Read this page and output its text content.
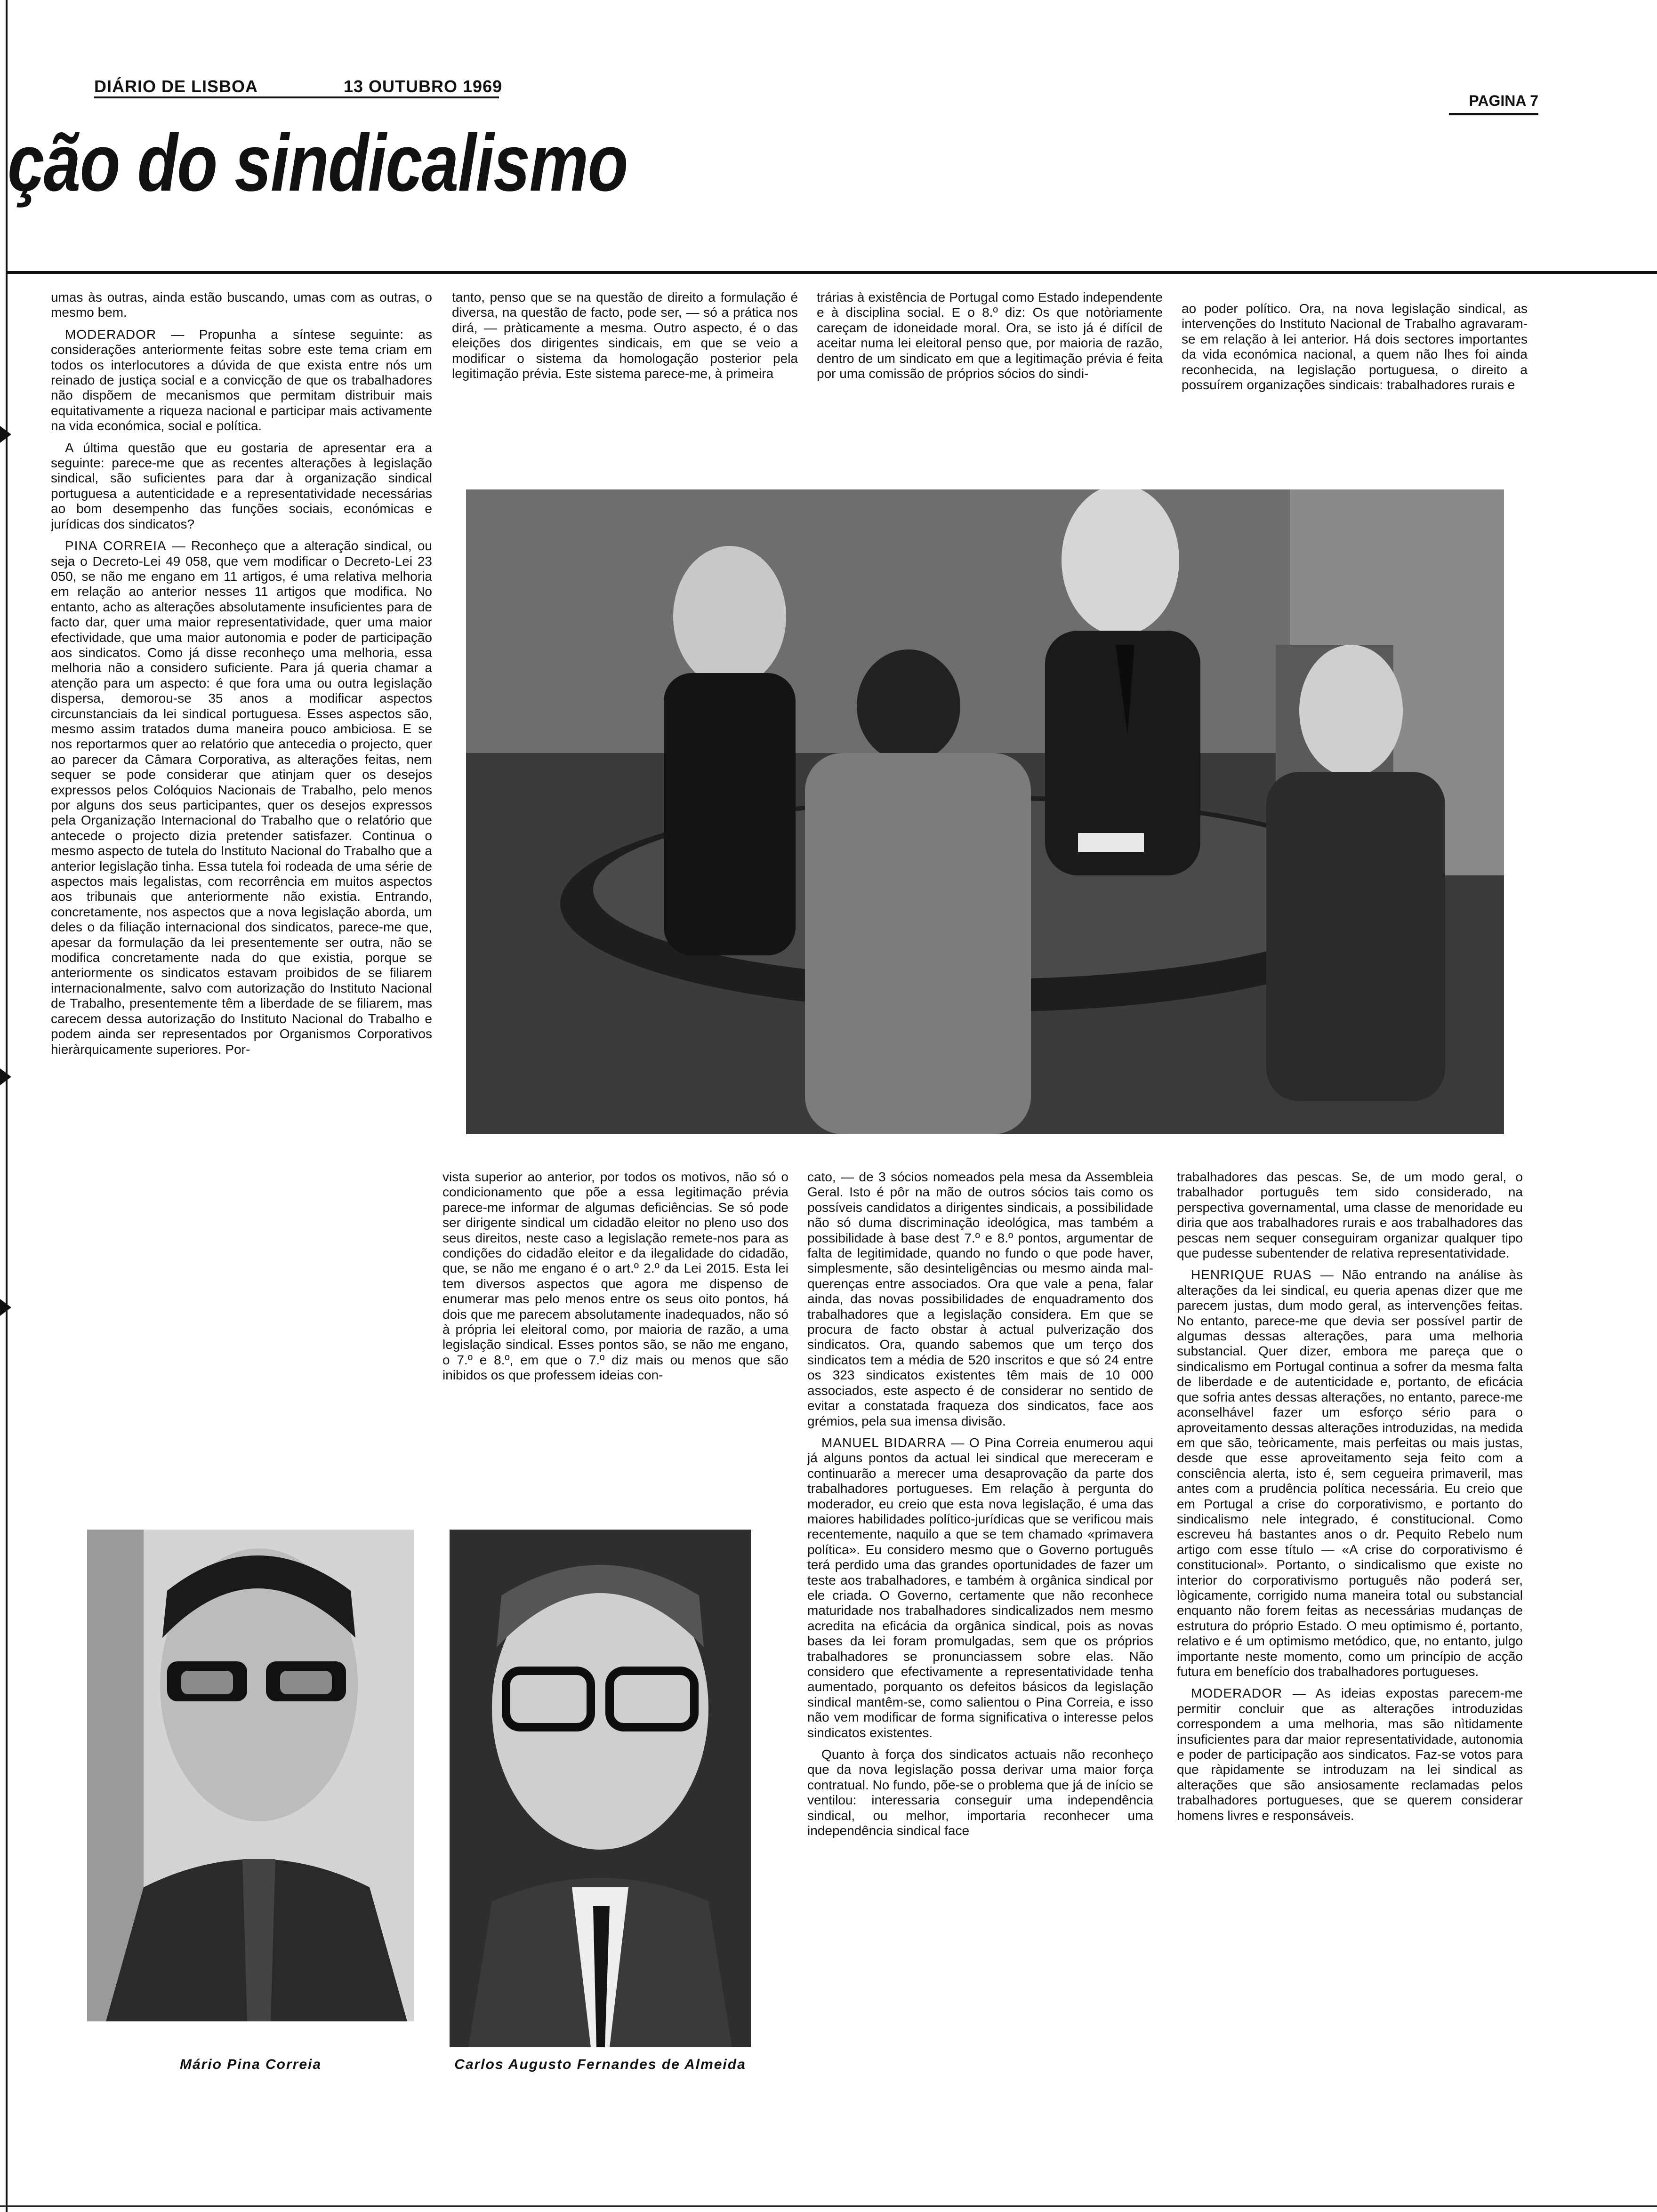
DIÁRIO DE LISBOA	13 OUTUBRO 1969
PAGINA 7
ção do sindicalismo

umas às outras, ainda estão buscando, umas com as outras, o mesmo bem.

MODERADOR — Propunha a síntese seguinte: as considerações anteriormente feitas sobre este tema criam em todos os interlocutores a dúvida de que exista entre nós um reinado de justiça social e a convicção de que os trabalhadores não dispõem de mecanismos que permitam distribuir mais equitativamente a riqueza nacional e participar mais activamente na vida económica, social e política.

A última questão que eu gostaria de apresentar era a seguinte: parece-me que as recentes alterações à legislação sindical, são suficientes para dar à organização sindical portuguesa a autenticidade e a representatividade necessárias ao bom desempenho das funções sociais, económicas e jurídicas dos sindicatos?

PINA CORREIA — Reconheço que a alteração sindical, ou seja o Decreto-Lei 49 058, que vem modificar o Decreto-Lei 23 050, se não me engano em 11 artigos, é uma relativa melhoria em relação ao anterior nesses 11 artigos que modifica. No entanto, acho as alterações absolutamente insuficientes para de facto dar, quer uma maior representatividade, quer uma maior efectividade, que uma maior autonomia e poder de participação aos sindicatos. Como já disse reconheço uma melhoria, essa melhoria não a considero suficiente. Para já queria chamar a atenção para um aspecto: é que fora uma ou outra legislação dispersa, demorou-se 35 anos a modificar aspectos circunstanciais da lei sindical portuguesa. Esses aspectos são, mesmo assim tratados duma maneira pouco ambiciosa. E se nos reportarmos quer ao relatório que antecedia o projecto, quer ao parecer da Câmara Corporativa, as alterações feitas, nem sequer se pode considerar que atinjam quer os desejos expressos pelos Colóquios Nacionais de Trabalho, pelo menos por alguns dos seus participantes, quer os desejos expressos pela Organização Internacional do Trabalho que o relatório que antecede o projecto dizia pretender satisfazer. Continua o mesmo aspecto de tutela do Instituto Nacional do Trabalho que a anterior legislação tinha. Essa tutela foi rodeada de uma série de aspectos mais legalistas, com recorrência em muitos aspectos aos tribunais que anteriormente não existia. Entrando, concretamente, nos aspectos que a nova legislação aborda, um deles o da filiação internacional dos sindicatos, parece-me que, apesar da formulação da lei presentemente ser outra, não se modifica concretamente nada do que existia, porque se anteriormente os sindicatos estavam proibidos de se filiarem internacionalmente, salvo com autorização do Instituto Nacional de Trabalho, presentemente têm a liberdade de se filiarem, mas carecem dessa autorização do Instituto Nacional do Trabalho e podem ainda ser representados por Organismos Corporativos hieràrquicamente superiores. Por-

tanto, penso que se na questão de direito a formulação é diversa, na questão de facto, pode ser, — só a prática nos dirá, — pràticamente a mesma. Outro aspecto, é o das eleições dos dirigentes sindicais, em que se veio a modificar o sistema da homologação posterior pela legitimação prévia. Este sistema parece-me, à primeira

trárias à existência de Portugal como Estado independente e à disciplina social. E o 8.º diz: Os que notòriamente careçam de idoneidade moral. Ora, se isto já é difícil de aceitar numa lei eleitoral penso que, por maioria de razão, dentro de um sindicato em que a legitimação prévia é feita por uma comissão de próprios sócios do sindi-

ao poder político. Ora, na nova legislação sindical, as intervenções do Instituto Nacional de Trabalho agravaram-se em relação à lei anterior. Há dois sectores importantes da vida económica nacional, a quem não lhes foi ainda reconhecida, na legislação portuguesa, o direito a possuírem organizações sindicais: trabalhadores rurais e

vista superior ao anterior, por todos os motivos, não só o condicionamento que põe a essa legitimação prévia parece-me informar de algumas deficiências. Se só pode ser dirigente sindical um cidadão eleitor no pleno uso dos seus direitos, neste caso a legislação remete-nos para as condições do cidadão eleitor e da ilegalidade do cidadão, que, se não me engano é o art.º 2.º da Lei 2015. Esta lei tem diversos aspectos que agora me dispenso de enumerar mas pelo menos entre os seus oito pontos, há dois que me parecem absolutamente inadequados, não só à própria lei eleitoral como, por maioria de razão, a uma legislação sindical. Esses pontos são, se não me engano, o 7.º e 8.º, em que o 7.º diz mais ou menos que são inibidos os que professem ideias con-

cato, — de 3 sócios nomeados pela mesa da Assembleia Geral. Isto é pôr na mão de outros sócios tais como os possíveis candidatos a dirigentes sindicais, a possibilidade não só duma discriminação ideológica, mas também a possibilidade à base dest 7.º e 8.º pontos, argumentar de falta de legitimidade, quando no fundo o que pode haver, simplesmente, são desinteligências ou mesmo ainda mal-querenças entre associados. Ora que vale a pena, falar ainda, das novas possibilidades de enquadramento dos trabalhadores que a legislação considera. Em que se procura de facto obstar à actual pulverização dos sindicatos. Ora, quando sabemos que um terço dos sindicatos tem a média de 520 inscritos e que só 24 entre os 323 sindicatos existentes têm mais de 10 000 associados, este aspecto é de considerar no sentido de evitar a constatada fraqueza dos sindicatos, face aos grémios, pela sua imensa divisão.

MANUEL BIDARRA — O Pina Correia enumerou aqui já alguns pontos da actual lei sindical que mereceram e continuarão a merecer uma desaprovação da parte dos trabalhadores portugueses. Em relação à pergunta do moderador, eu creio que esta nova legislação, é uma das maiores habilidades político-jurídicas que se verificou mais recentemente, naquilo a que se tem chamado «primavera política». Eu considero mesmo que o Governo português terá perdido uma das grandes oportunidades de fazer um teste aos trabalhadores, e também à orgânica sindical por ele criada. O Governo, certamente que não reconhece maturidade nos trabalhadores sindicalizados nem mesmo acredita na eficácia da orgânica sindical, pois as novas bases da lei foram promulgadas, sem que os próprios trabalhadores se pronunciassem sobre elas. Não considero que efectivamente a representatividade tenha aumentado, porquanto os defeitos básicos da legislação sindical mantêm-se, como salientou o Pina Correia, e isso não vem modificar de forma significativa o interesse pelos sindicatos existentes.

Quanto à força dos sindicatos actuais não reconheço que da nova legislação possa derivar uma maior força contratual. No fundo, põe-se o problema que já de início se ventilou: interessaria conseguir uma independência sindical, ou melhor, importaria reconhecer uma independência sindical face

trabalhadores das pescas. Se, de um modo geral, o trabalhador português tem sido considerado, na perspectiva governamental, uma classe de menoridade eu diria que aos trabalhadores rurais e aos trabalhadores das pescas nem sequer conseguiram organizar qualquer tipo que pudesse subentender de relativa representatividade.

HENRIQUE RUAS — Não entrando na análise às alterações da lei sindical, eu queria apenas dizer que me parecem justas, dum modo geral, as intervenções feitas. No entanto, parece-me que devia ser possível partir de algumas dessas alterações, para uma melhoria substancial. Quer dizer, embora me pareça que o sindicalismo em Portugal continua a sofrer da mesma falta de liberdade e de autenticidade e, portanto, de eficácia que sofria antes dessas alterações, no entanto, parece-me aconselhável fazer um esforço sério para o aproveitamento dessas alterações introduzidas, na medida em que são, teòricamente, mais perfeitas ou mais justas, desde que esse aproveitamento seja feito com a consciência alerta, isto é, sem cegueira primaveril, mas antes com a prudência política necessária. Eu creio que em Portugal a crise do corporativismo, e portanto do sindicalismo nele integrado, é constitucional. Como escreveu há bastantes anos o dr. Pequito Rebelo num artigo com esse título — «A crise do corporativismo é constitucional». Portanto, o sindicalismo que existe no interior do corporativismo português não poderá ser, lògicamente, corrigido numa maneira total ou substancial enquanto não forem feitas as necessárias mudanças de estrutura do próprio Estado. O meu optimismo é, portanto, relativo e é um optimismo metódico, que, no entanto, julgo importante neste momento, como um princípio de acção futura em benefício dos trabalhadores portugueses.

MODERADOR — As ideias expostas parecem-me permitir concluir que as alterações introduzidas correspondem a uma melhoria, mas são nìtidamente insuficientes para dar maior representatividade, autonomia e poder de participação aos sindicatos. Faz-se votos para que ràpidamente se introduzam na lei sindical as alterações que são ansiosamente reclamadas pelos trabalhadores portugueses, que se querem considerar homens livres e responsáveis.

Mário Pina Correia	Carlos Augusto Fernandes de Almeida
